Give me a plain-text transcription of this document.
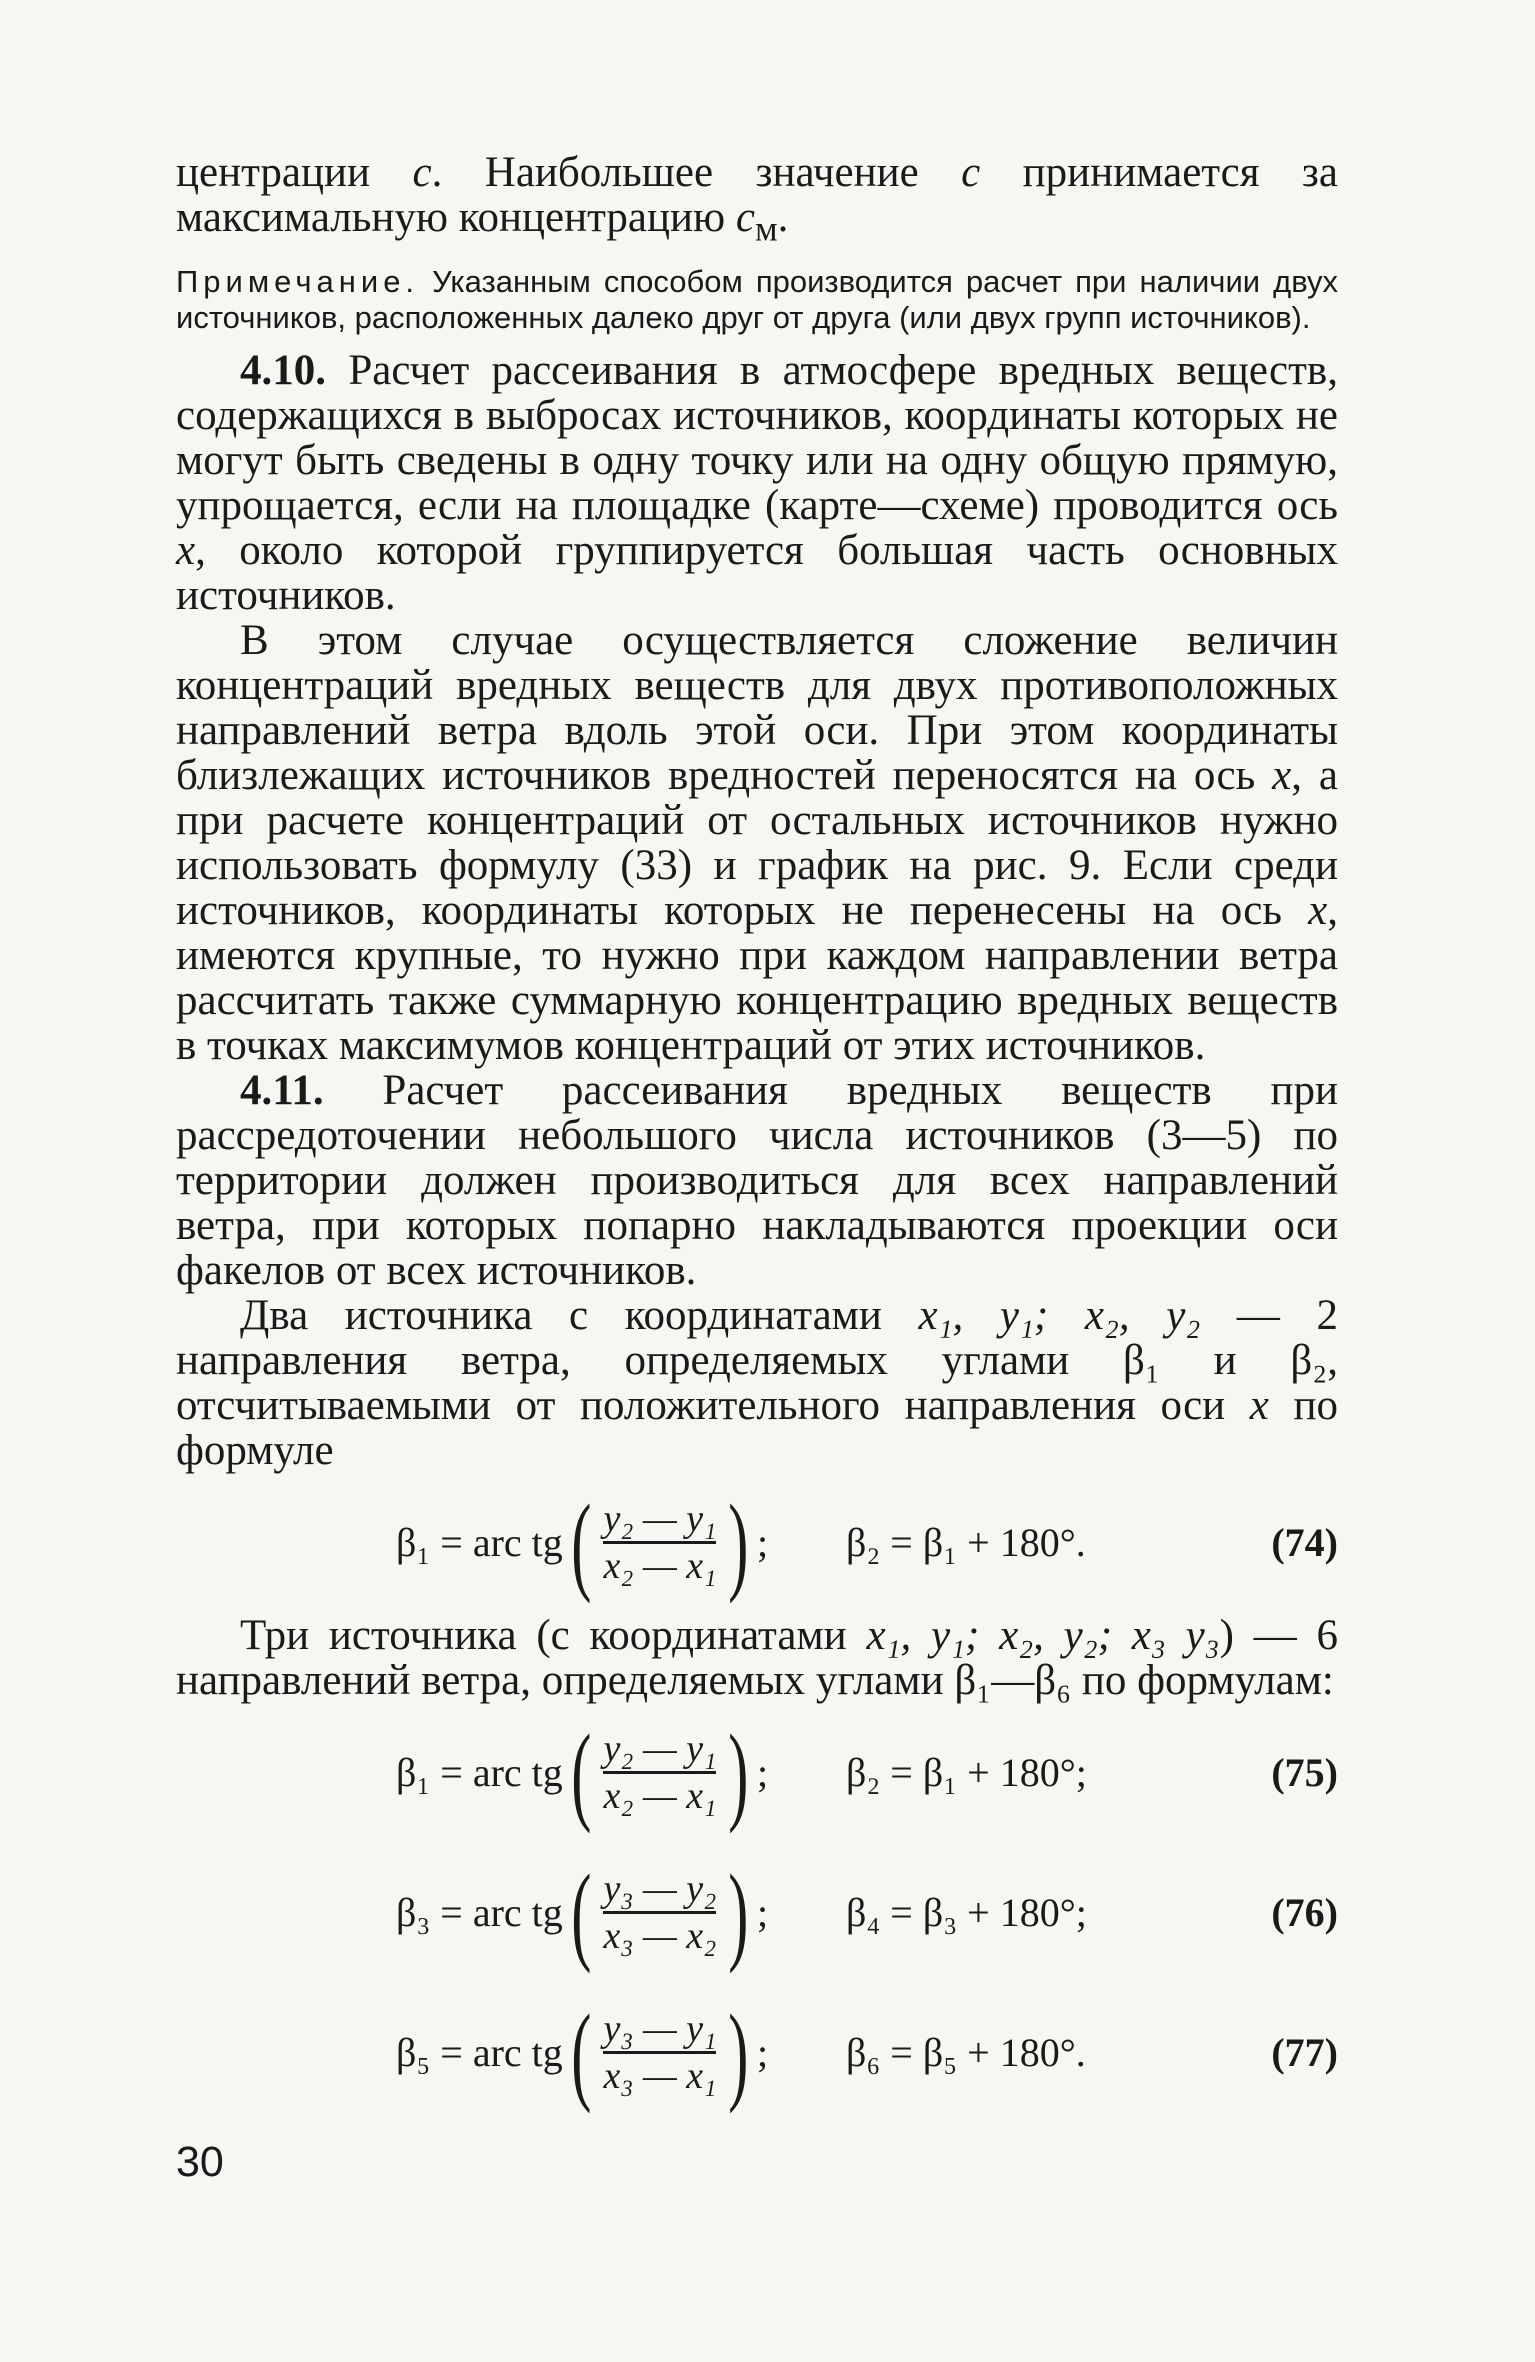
центрации c. Наибольшее значение c принимается за максимальную концентрацию $c_м$.

Примечание. Указанным способом производится расчет при наличии двух источников, расположенных далеко друг от друга (или двух групп источников).

4.10. Расчет рассеивания в атмосфере вредных веществ, содержащихся в выбросах источников, координаты которых не могут быть сведены в одну точку или на одну общую прямую, упрощается, если на площадке (карте—схеме) проводится ось x, около которой группируется большая часть основных источников.

В этом случае осуществляется сложение величин концентраций вредных веществ для двух противоположных направлений ветра вдоль этой оси. При этом координаты близлежащих источников вредностей переносятся на ось x, а при расчете концентраций от остальных источников нужно использовать формулу (33) и график на рис. 9. Если среди источников, координаты которых не перенесены на ось x, имеются крупные, то нужно при каждом направлении ветра рассчитать также суммарную концентрацию вредных веществ в точках максимумов концентраций от этих источников.

4.11. Расчет рассеивания вредных веществ при рассредоточении небольшого числа источников (3—5) по территории должен производиться для всех направлений ветра, при которых попарно накладываются проекции оси факелов от всех источников.

Два источника с координатами x₁, y₁; x₂, y₂ — 2 направления ветра, определяемых углами β₁ и β₂, отсчитываемыми от положительного направления оси x по формуле

β₁ = arc tg ( $\frac{\text{y₂ — y₁}}{\text{x₂ — x₁}}$ ) ; β₂ = β₁ + 180°.	(74)

Три источника (с координатами x₁, y₁; x₂, y₂; x₃ y₃) — 6 направлений ветра, определяемых углами β₁—β₆ по формулам:

β₁ = arc tg ( $\frac{\text{y₂ — y₁}}{\text{x₂ — x₁}}$ ) ; β₂ = β₁ + 180°;	(75)
β₃ = arc tg ( $\frac{\text{y₃ — y₂}}{\text{x₃ — x₂}}$ ) ; β₄ = β₃ + 180°;	(76)
β₅ = arc tg ( $\frac{\text{y₃ — y₁}}{\text{x₃ — x₁}}$ ) ; β₆ = β₅ + 180°.	(77)
30
